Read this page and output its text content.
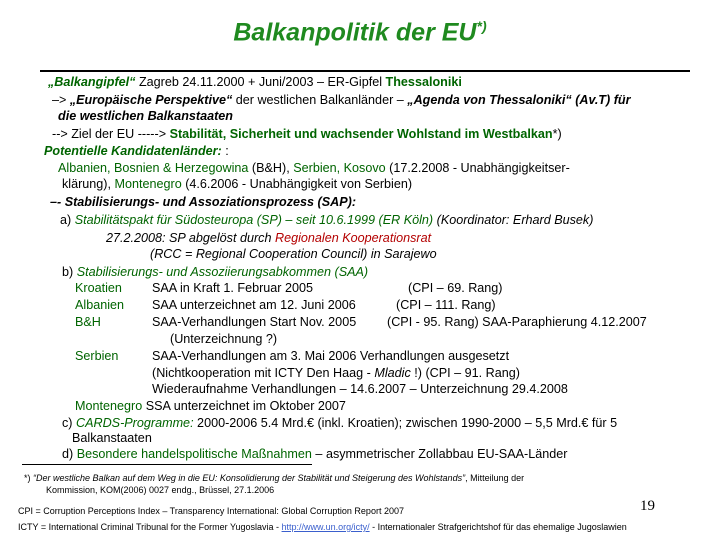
Balkanpolitik der EU*)
„Balkangipfel“ Zagreb 24.11.2000 + Juni/2003 – ER-Gipfel Thessaloniki
–> „Europäische Perspektive“ der westlichen Balkanländer – „Agenda von Thessaloniki“ (Av.T) für
die westlichen Balkanstaaten
--> Ziel der EU -----> Stabilität, Sicherheit und wachsender Wohlstand im Westbalkan*)
Potentielle Kandidatenländer: :
Albanien, Bosnien & Herzegowina (B&H), Serbien, Kosovo (17.2.2008 - Unabhängigkeitser-
klärung), Montenegro (4.6.2006 - Unabhängigkeit von Serbien)
–- Stabilisierungs- und Assoziationsprozess (SAP):
a) Stabilitätspakt für Südosteuropa (SP) – seit 10.6.1999 (ER Köln) (Koordinator: Erhard Busek)
27.2.2008: SP abgelöst durch Regionalen Kooperationsrat
(RCC = Regional Cooperation Council) in Sarajewo
b) Stabilisierungs- und Assoziierungsabkommen (SAA)
Kroatien SAA in Kraft 1. Februar 2005	(CPI – 69. Rang)
Albanien SAA unterzeichnet am 12. Juni 2006	(CPI – 111. Rang)
B&H	SAA-Verhandlungen Start Nov. 2005 (CPI - 95. Rang) SAA-Paraphierung 4.12.2007
(Unterzeichnung ?)
Serbien	SAA-Verhandlungen am 3. Mai 2006 Verhandlungen ausgesetzt
(Nichtkooperation mit ICTY Den Haag - Mladic !) (CPI – 91. Rang)
Wiederaufnahme Verhandlungen – 14.6.2007 – Unterzeichnung 29.4.2008
Montenegro SSA unterzeichnet im Oktober 2007
c) CARDS-Programme: 2000-2006 5.4 Mrd.€ (inkl. Kroatien); zwischen 1990-2000 – 5,5 Mrd.€ für 5
Balkanstaaten
d) Besondere handelspolitische Maßnahmen – asymmetrischer Zollabbau EU-SAA-Länder
*) “Der westliche Balkan auf dem Weg in die EU: Konsolidierung der Stabilität und Steigerung des Wohlstands”, Mitteilung der
Kommission, KOM(2006) 0027 endg., Brüssel, 27.1.2006
19
CPI = Corruption Perceptions Index – Transparency International: Global Corruption Report 2007
ICTY = International Criminal Tribunal for the Former Yugoslavia - http://www.un.org/icty/ - Internationaler Strafgerichtshof für das ehemalige Jugoslawien
